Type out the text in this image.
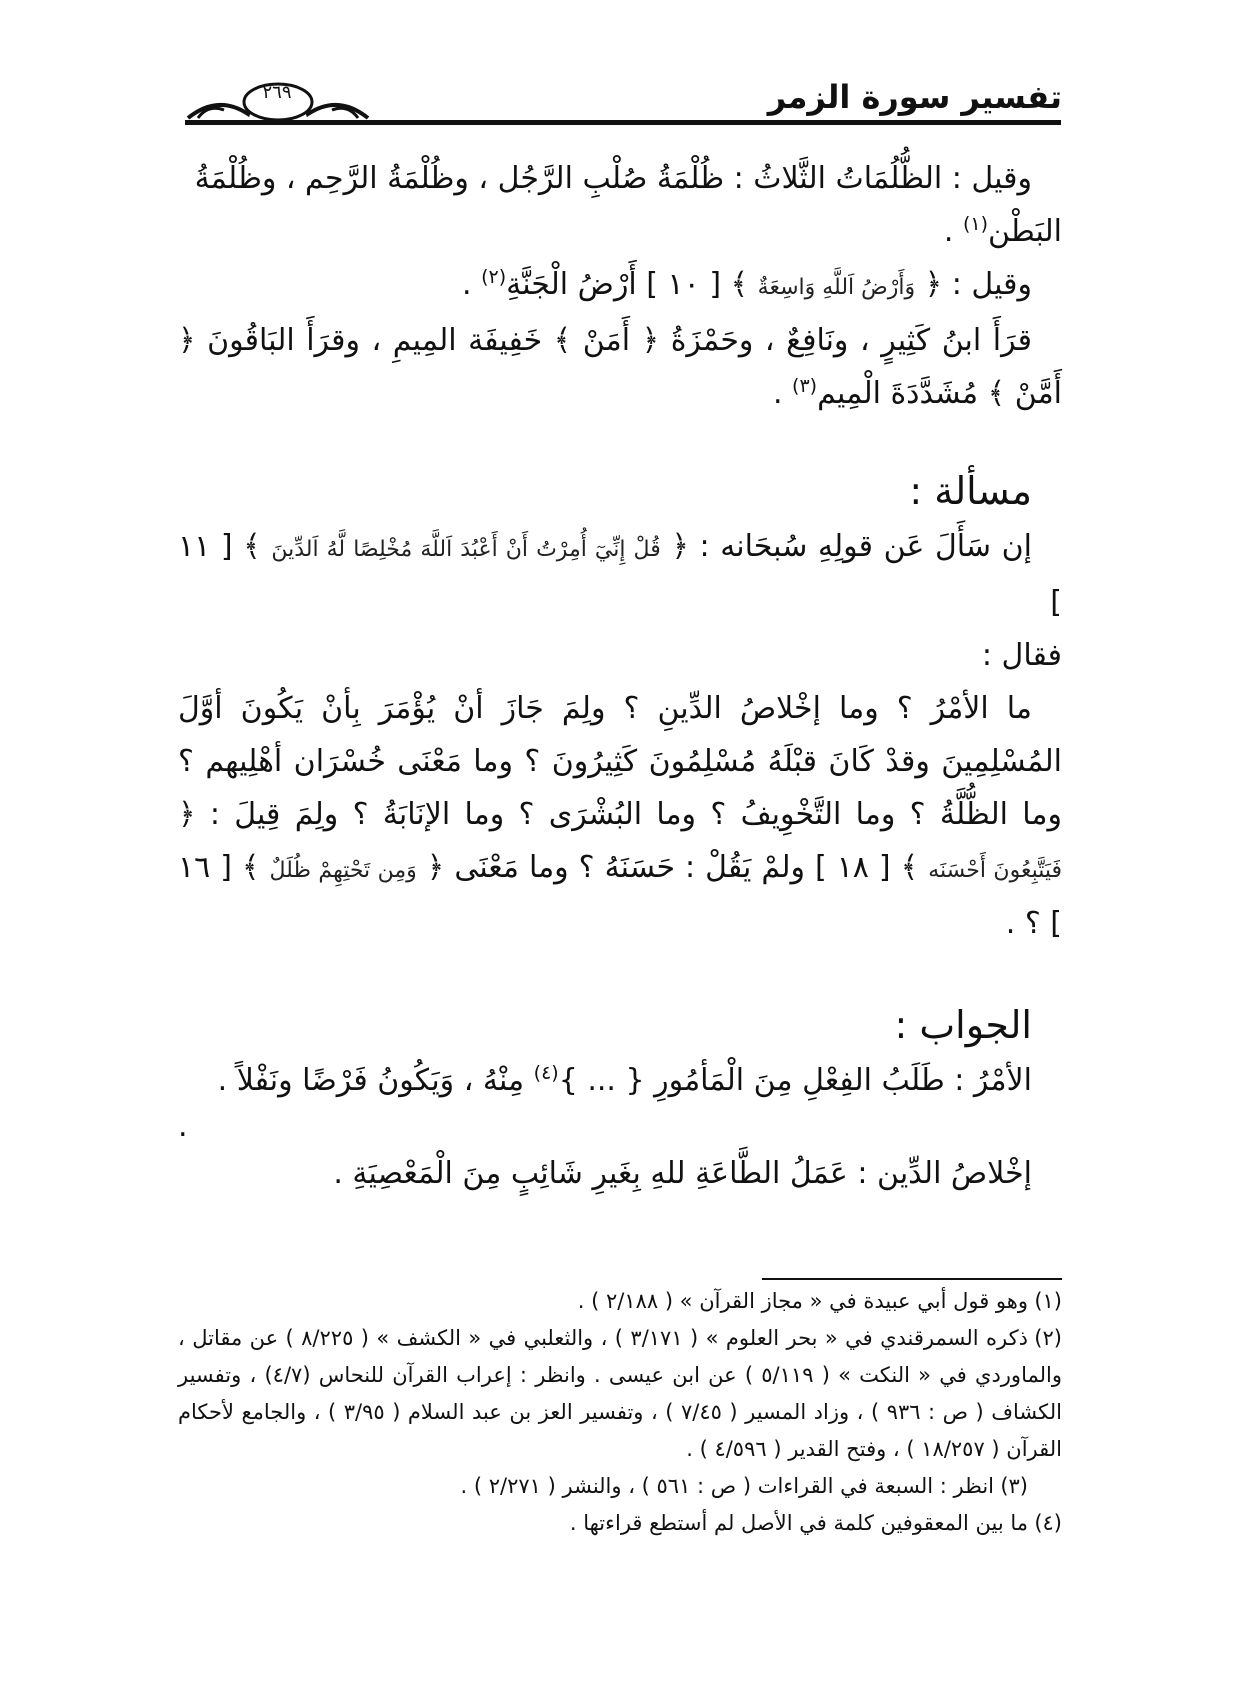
تفسير سورة الزمر
٢٦٩

وقيل : الظُّلُمَاتُ الثَّلاثُ : ظُلْمَةُ صُلْبِ الرَّجُل ، وظُلْمَةُ الرَّحِم ، وظُلْمَةُ
البَطْن$^{(١)}$ .

وقيل : ﴿ وَأَرْضُ اَللَّهِ وَاسِعَةٌ ﴾ [ ١٠ ] أَرْضُ الْجَنَّةِ$^{(٢)}$ .

قرَأَ ابنُ كَثِيرٍ ، ونَافِعٌ ، وحَمْزَةُ ﴿ أَمَنْ ﴾ خَفِيفَة المِيمِ ، وقرَأَ البَاقُونَ ﴿ أَمَّنْ ﴾ مُشَدَّدَةَ الْمِيم$^{(٣)}$ .

مسألة :

إن سَأَلَ عَن قولِهِ سُبحَانه : ﴿ قُلْ إِنِّيٓ أُمِرْتُ أَنْ أَعْبُدَ اَللَّهَ مُخْلِصًا لَّهُ اَلدِّينَ ﴾ [ ١١ ]
فقال :

ما الأمْرُ ؟ وما إخْلاصُ الدِّينِ ؟ ولِمَ جَازَ أنْ يُؤْمَرَ بِأنْ يَكُونَ أوَّلَ المُسْلِمِينَ وقدْ كَانَ قبْلَهُ مُسْلِمُونَ كَثِيرُونَ ؟ وما مَعْنَى خُسْرَان أهْلِيهم ؟ وما الظُّلَّةُ ؟ وما التَّخْوِيفُ ؟ وما البُشْرَى ؟ وما الإنَابَةُ ؟ ولِمَ قِيلَ : ﴿ فَيَتَّبِعُونَ أَحْسَنَه ﴾ [ ١٨ ] ولمْ يَقُلْ : حَسَنَهُ ؟ وما مَعْنَى ﴿ وَمِن تَحْتِهِمْ ظُلَلٌ ﴾ [ ١٦ ] ؟ .

الجواب :

الأمْرُ : طَلَبُ الفِعْلِ مِنَ الْمَأمُورِ { ... }$^{(٤)}$ مِنْهُ ، وَيَكُونُ فَرْضًا ونَفْلاً .

.

إخْلاصُ الدِّين : عَمَلُ الطَّاعَةِ للهِ بِغَيرِ شَائِبٍ مِنَ الْمَعْصِيَةِ .

(١)وهو قول أبي عبيدة في « مجاز القرآن » ( ٢/١٨٨ ) .

(٢)ذكره السمرقندي في « بحر العلوم » ( ٣/١٧١ ) ، والثعلبي في « الكشف » ( ٨/٢٢٥ ) عن مقاتل ، والماوردي في « النكت » ( ٥/١١٩ ) عن ابن عيسى . وانظر : إعراب القرآن للنحاس (٤/٧) ، وتفسير الكشاف ( ص : ٩٣٦ ) ، وزاد المسير ( ٧/٤٥ ) ، وتفسير العز بن عبد السلام ( ٣/٩٥ ) ، والجامع لأحكام القرآن ( ١٨/٢٥٧ ) ، وفتح القدير ( ٤/٥٩٦ ) .

(٣)انظر : السبعة في القراءات ( ص : ٥٦١ ) ، والنشر ( ٢/٢٧١ ) .

(٤)ما بين المعقوفين كلمة في الأصل لم أستطع قراءتها .
